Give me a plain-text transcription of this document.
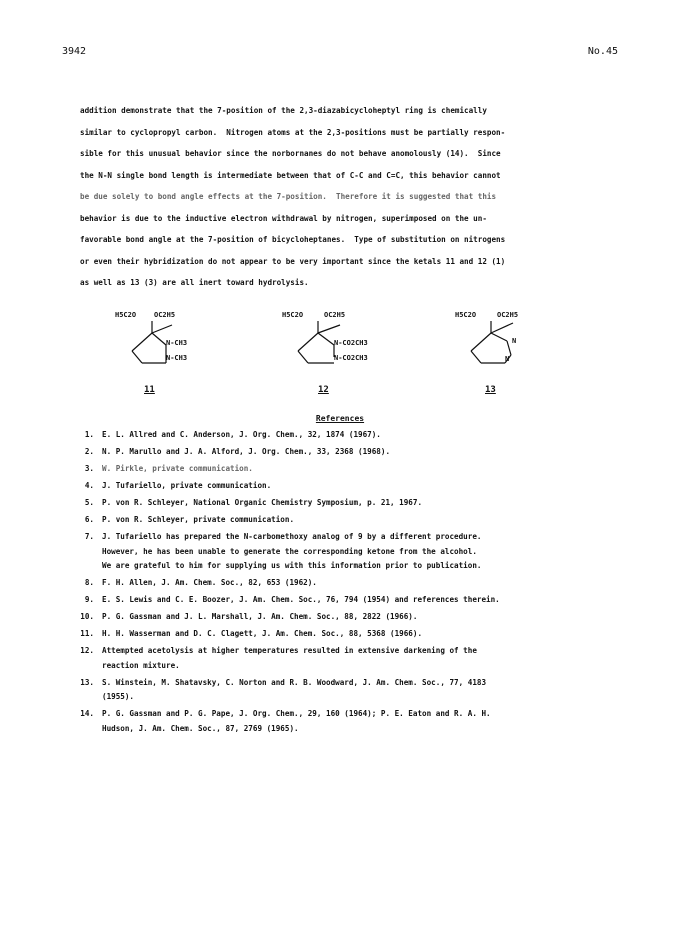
3942	No.45
addition demonstrate that the 7-position of the 2,3-diazabicycloheptyl ring is chemically
similar to cyclopropyl carbon.  Nitrogen atoms at the 2,3-positions must be partially respon-
sible for this unusual behavior since the norbornanes do not behave anomolously (14).  Since
the N-N single bond length is intermediate between that of C-C and C=C, this behavior cannot
be due solely to bond angle effects at the 7-position.  Therefore it is suggested that this
behavior is due to the inductive electron withdrawal by nitrogen, superimposed on the un-
favorable bond angle at the 7-position of bicycloheptanes.  Type of substitution on nitrogens
or even their hybridization do not appear to be very important since the ketals 11 and 12 (1)
as well as 13 (3) are all inert toward hydrolysis.
H5C2O	OC2H5
N-CH3
N-CH3
11
H5C2O	OC2H5
N-CO2CH3
N-CO2CH3
12
H5C2O	OC2H5
N
N
13
References
1. E. L. Allred and C. Anderson, J. Org. Chem., 32, 1874 (1967).
2. N. P. Marullo and J. A. Alford, J. Org. Chem., 33, 2368 (1968).
3. W. Pirkle, private communication.
4. J. Tufariello, private communication.
5. P. von R. Schleyer, National Organic Chemistry Symposium, p. 21, 1967.
6. P. von R. Schleyer, private communication.
7. J. Tufariello has prepared the N-carbomethoxy analog of 9 by a different procedure.
However, he has been unable to generate the corresponding ketone from the alcohol.
We are grateful to him for supplying us with this information prior to publication.
8. F. H. Allen, J. Am. Chem. Soc., 82, 653 (1962).
9. E. S. Lewis and C. E. Boozer, J. Am. Chem. Soc., 76, 794 (1954) and references therein.
10. P. G. Gassman and J. L. Marshall, J. Am. Chem. Soc., 88, 2822 (1966).
11. H. H. Wasserman and D. C. Clagett, J. Am. Chem. Soc., 88, 5368 (1966).
12. Attempted acetolysis at higher temperatures resulted in extensive darkening of the
reaction mixture.
13. S. Winstein, M. Shatavsky, C. Norton and R. B. Woodward, J. Am. Chem. Soc., 77, 4183
(1955).
14. P. G. Gassman and P. G. Pape, J. Org. Chem., 29, 160 (1964); P. E. Eaton and R. A. H.
Hudson, J. Am. Chem. Soc., 87, 2769 (1965).
